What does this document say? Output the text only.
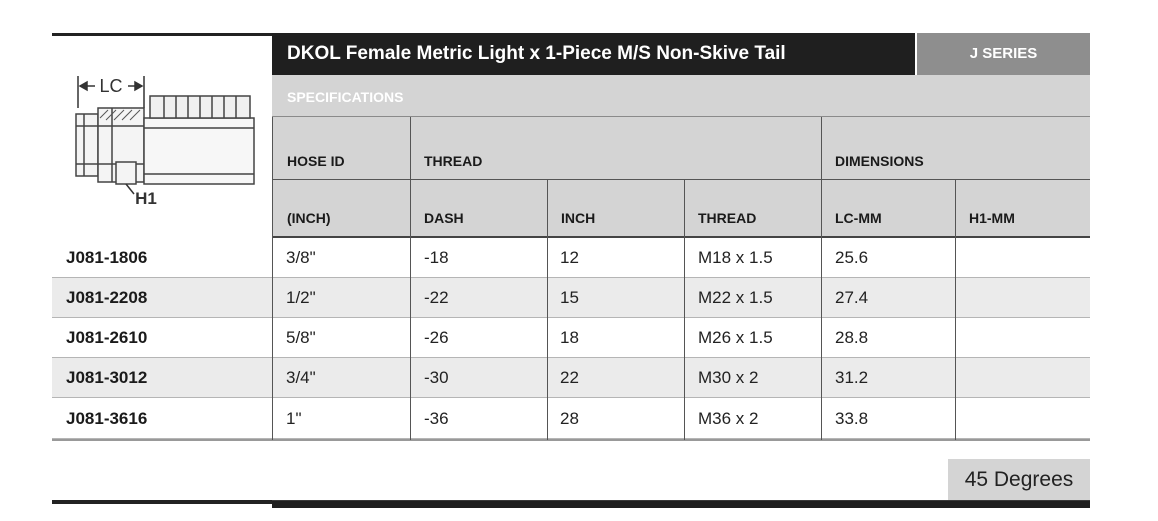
DKOL Female Metric Light x 1-Piece M/S Non-Skive Tail	J SERIES
SPECIFICATIONS
LC
H1
HOSE ID	THREAD	DIMENSIONS
(INCH)	DASH	INCH	THREAD	LC-MM	H1-MM
J081-1806	3/8"	-18	12	M18 x 1.5	25.6
J081-2208	1/2"	-22	15	M22 x 1.5	27.4
J081-2610	5/8"	-26	18	M26 x 1.5	28.8
J081-3012	3/4"	-30	22	M30 x 2	31.2
J081-3616	1"	-36	28	M36 x 2	33.8
45 Degrees
